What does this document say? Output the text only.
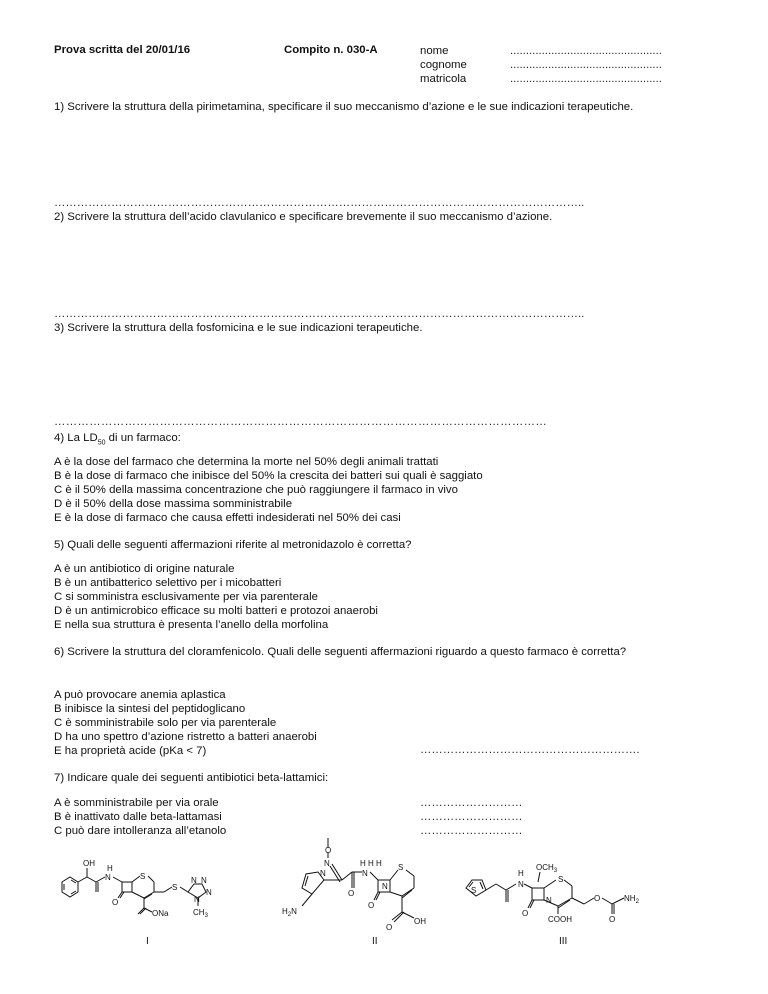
Prova scritta del 20/01/16	Compito n. 030-A	nome	................................................
cognome	................................................
matricola	................................................
1) Scrivere la struttura della pirimetamina, specificare il suo meccanismo d’azione e le sue indicazioni terapeutiche.
…………………………………………………………………………………………………………………………..
2) Scrivere la struttura dell’acido clavulanico e specificare brevemente il suo meccanismo d’azione.
…………………………………………………………………………………………………………………………..
3) Scrivere la struttura della fosfomicina e le sue indicazioni terapeutiche.
………………………………………………………………………………………………………………
4) La $LD_{50}$ di un farmaco:
A è la dose del farmaco che determina la morte nel 50% degli animali trattati
B è la dose di farmaco che inibisce del 50% la crescita dei batteri sui quali è saggiato
C è il 50% della massima concentrazione che può raggiungere il farmaco in vivo
D è il 50% della dose massima somministrabile
E è la dose di farmaco che causa effetti indesiderati nel 50% dei casi
5) Quali delle seguenti affermazioni riferite al metronidazolo è corretta?
A è un antibiotico di origine naturale
B è un antibatterico selettivo per i micobatteri
C si somministra esclusivamente per via parenterale
D è un antimicrobico efficace su molti batteri e protozoi anaerobi
E nella sua struttura è presenta l’anello della morfolina
6) Scrivere la struttura del cloramfenicolo. Quali delle seguenti affermazioni riguardo a questo farmaco è corretta?
A può provocare anemia aplastica
B inibisce la sintesi del peptidoglicano
C è somministrabile solo per via parenterale
D ha uno spettro d’azione ristretto a batteri anaerobi
E ha proprietà acide (pKa < 7)	………………………………………………….
7) Indicare quale dei seguenti antibiotici beta-lattamici:
A è somministrabile per via orale
B è inattivato dalle beta-lattamasi
C può dare intolleranza all’etanolo
………………………
………………………
………………………
OH
N
H
S
O
ONa
S
N N
N
N
$CH_3$
I
N
O
H H H
N
S
N
N
$H_2N$
O
O
O
OH
II
S
H
N
$OCH_3$
S
N
O
COOH
O
O
$NH_2$
III
